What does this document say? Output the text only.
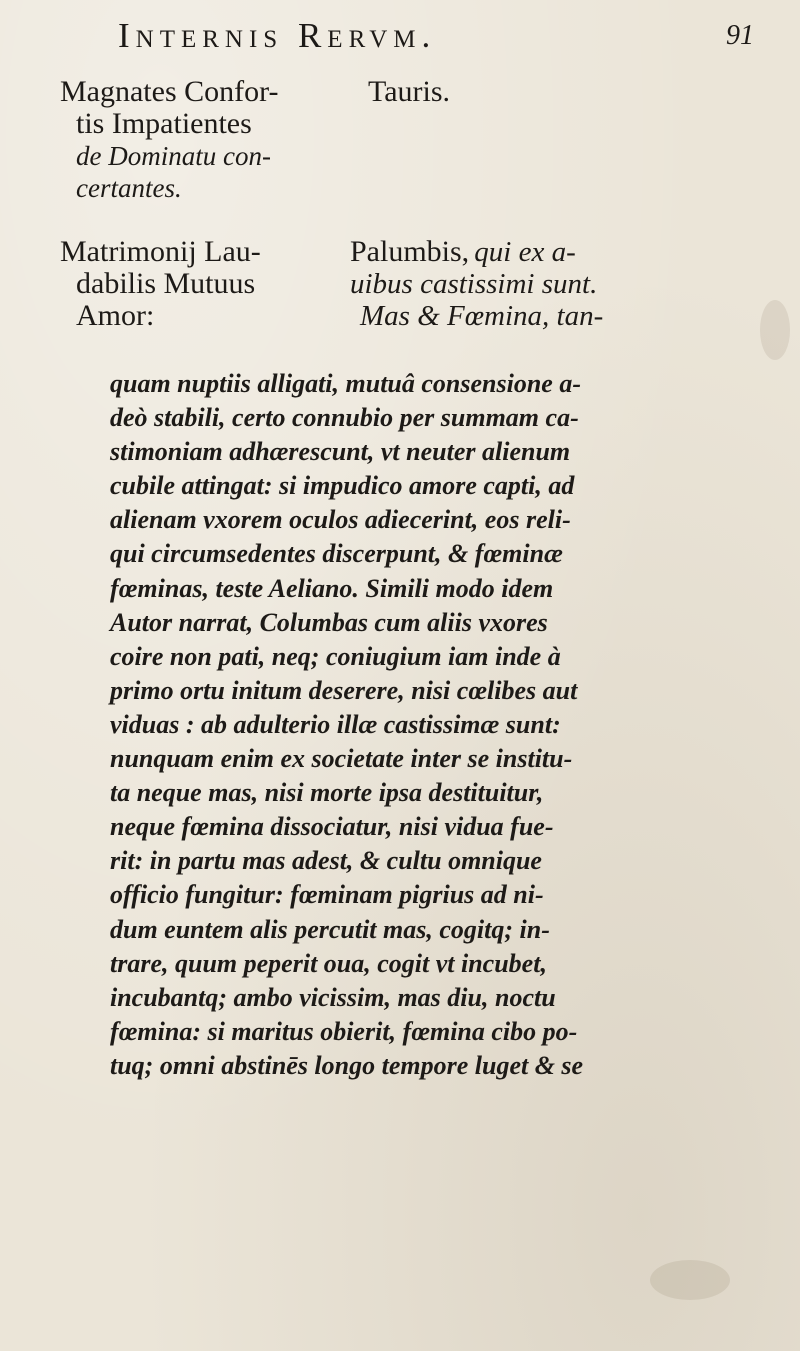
Internis Rervm.	91
Magnates Confor-
tis Impatientes
de Dominatu con-
certantes.
Tauris.
Matrimonij Lau-
dabilis Mutuus
Amor:
Palumbis, qui ex a-
uibus castissimi sunt.
Mas & Fœmina, tan-
quam nuptiis alligati, mutuâ consensione a-
deò stabili, certo connubio per summam ca-
stimoniam adhærescunt, vt neuter alienum
cubile attingat: si impudico amore capti, ad
alienam vxorem oculos adiecerint, eos reli-
qui circumsedentes discerpunt, & fœminæ
fœminas, teste Aeliano. Simili modo idem
Autor narrat, Columbas cum aliis vxores
coire non pati, neq; coniugium iam inde à
primo ortu initum deserere, nisi cœlibes aut
viduas : ab adulterio illæ castissimæ sunt:
nunquam enim ex societate inter se institu-
ta neque mas, nisi morte ipsa destituitur,
neque fœmina dissociatur, nisi vidua fue-
rit: in partu mas adest, & cultu omnique
officio fungitur: fœminam pigrius ad ni-
dum euntem alis percutit mas, cogitq; in-
trare, quum peperit oua, cogit vt incubet,
incubantq; ambo vicissim, mas diu, noctu
fœmina: si maritus obierit, fœmina cibo po-
tuq; omni abstinēs longo tempore luget & se
